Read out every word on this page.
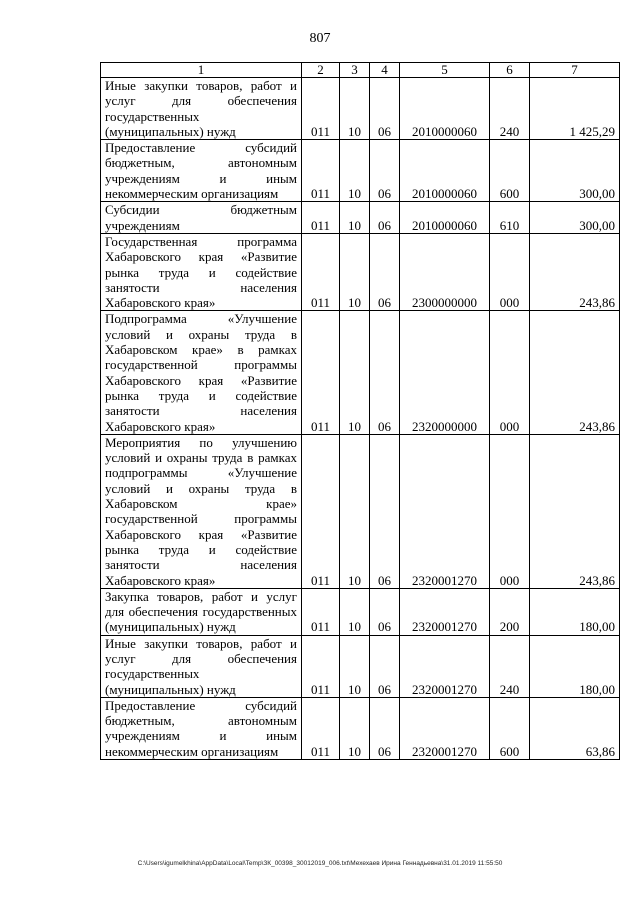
807
1	2	3	4	5	6	7
Иные закупки товаров, работ и услуг для обеспечения государственных (муниципальных) нужд	011	10	06	2010000060	240	1 425,29
Предоставление субсидий бюджетным, автономным учреждениям и иным некоммерческим организациям	011	10	06	2010000060	600	300,00
Субсидии бюджетным учреждениям	011	10	06	2010000060	610	300,00
Государственная программа Хабаровского края «Развитие рынка труда и содействие занятости населения Хабаровского края»	011	10	06	2300000000	000	243,86
Подпрограмма «Улучшение условий и охраны труда в Хабаровском крае» в рамках государственной программы Хабаровского края «Развитие рынка труда и содействие занятости населения Хабаровского края»	011	10	06	2320000000	000	243,86
Мероприятия по улучшению условий и охраны труда в рамках подпрограммы «Улучшение условий и охраны труда в Хабаровском крае» государственной программы Хабаровского края «Развитие рынка труда и содействие занятости населения Хабаровского края»	011	10	06	2320001270	000	243,86
Закупка товаров, работ и услуг для обеспечения государственных (муниципальных) нужд	011	10	06	2320001270	200	180,00
Иные закупки товаров, работ и услуг для обеспечения государственных (муниципальных) нужд	011	10	06	2320001270	240	180,00
Предоставление субсидий бюджетным, автономным учреждениям и иным некоммерческим организациям	011	10	06	2320001270	600	63,86
C:\Users\igumelkhina\AppData\Local\Temp\ЗК_00398_30012019_006.txt\Мехехаев Ирина Геннадьевна\31.01.2019 11:55:50
